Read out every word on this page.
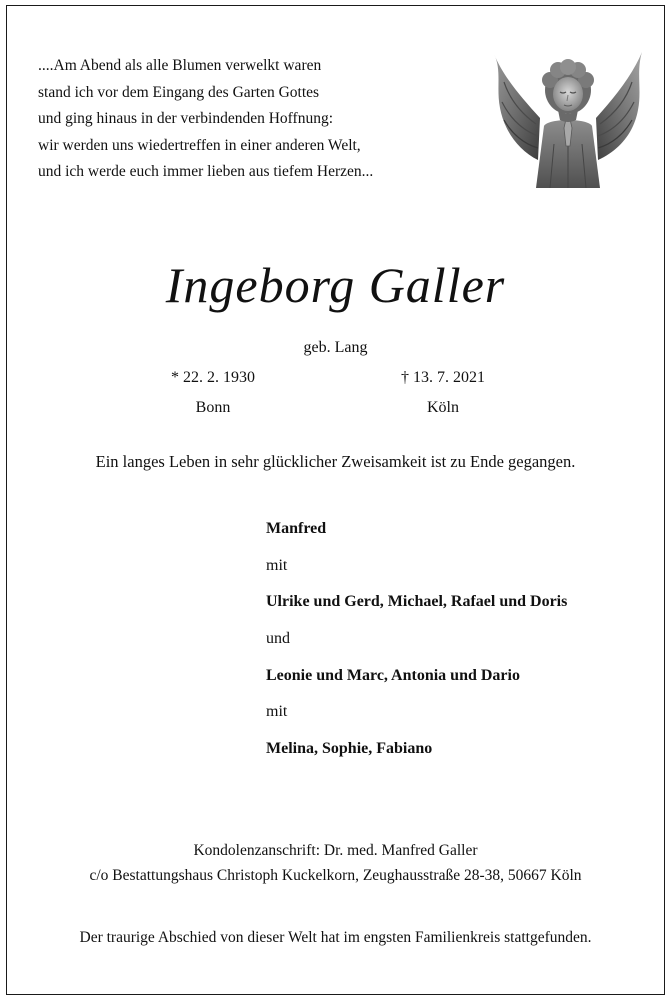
....Am Abend als alle Blumen verwelkt waren
stand ich vor dem Eingang des Garten Gottes
und ging hinaus in der verbindenden Hoffnung:
wir werden uns wiedertreffen in einer anderen Welt,
und ich werde euch immer lieben aus tiefem Herzen...
Ingeborg Galler
geb. Lang
* 22. 2. 1930	† 13. 7. 2021
Bonn	Köln
Ein langes Leben in sehr glücklicher Zweisamkeit ist zu Ende gegangen.
Manfred
mit
Ulrike und Gerd, Michael, Rafael und Doris
und
Leonie und Marc, Antonia und Dario
mit
Melina, Sophie, Fabiano
Kondolenzanschrift: Dr. med. Manfred Galler
c/o Bestattungshaus Christoph Kuckelkorn, Zeughausstraße 28-38, 50667 Köln
Der traurige Abschied von dieser Welt hat im engsten Familienkreis stattgefunden.
